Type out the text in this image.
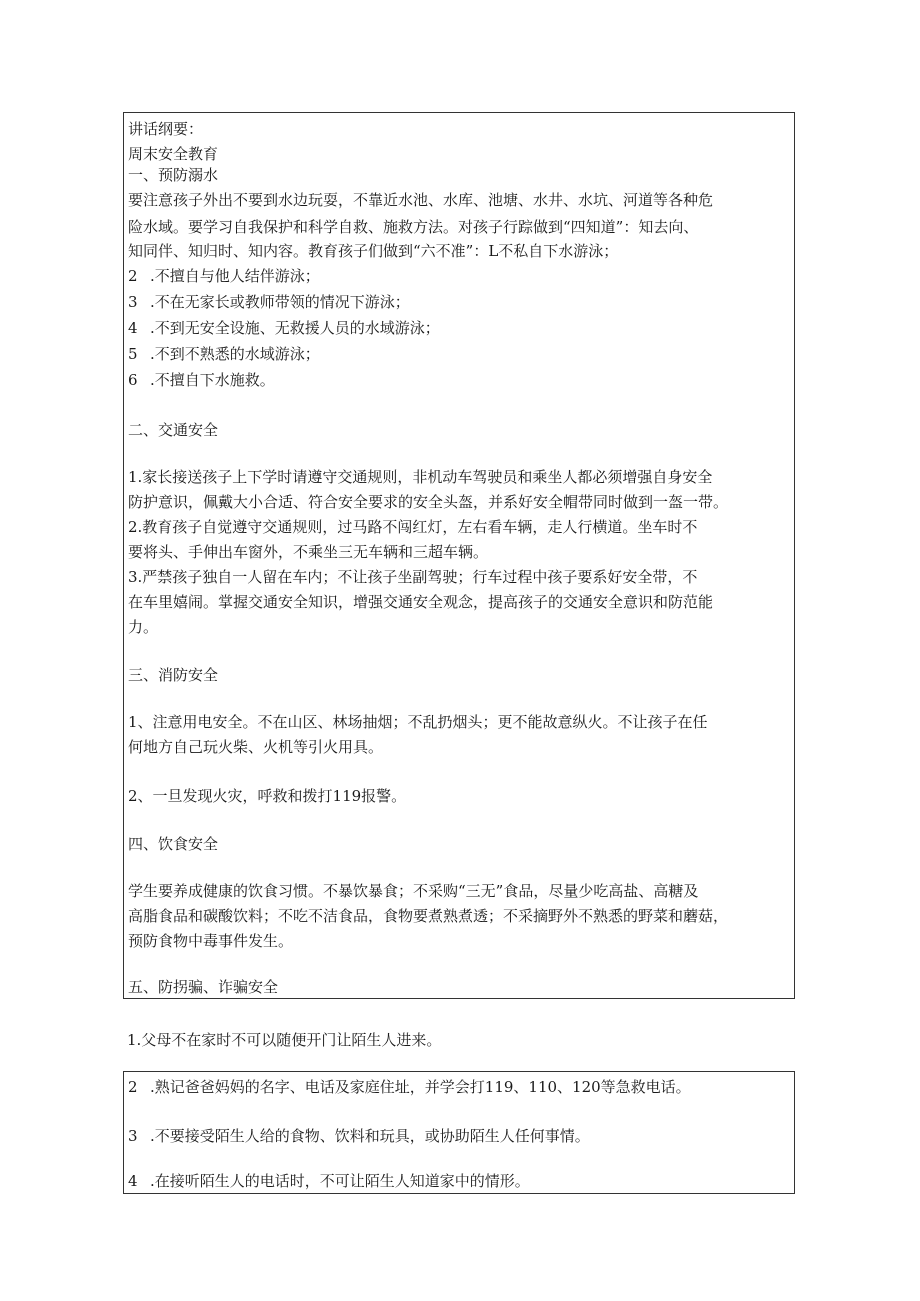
讲话纲要：
周末安全教育
一、预防溺水
要注意孩子外出不要到水边玩耍，不靠近水池、水库、池塘、水井、水坑、河道等各种危
险水域。要学习自我保护和科学自救、施救方法。对孩子行踪做到“四知道”：知去向、
知同伴、知归时、知内容。教育孩子们做到“六不准”：L不私自下水游泳；
2 .不擅自与他人结伴游泳；
3 .不在无家长或教师带领的情况下游泳；
4 .不到无安全设施、无救援人员的水域游泳；
5 .不到不熟悉的水域游泳；
6 .不擅自下水施救。
二、交通安全
1.家长接送孩子上下学时请遵守交通规则，非机动车驾驶员和乘坐人都必须增强自身安全
防护意识，佩戴大小合适、符合安全要求的安全头盔，并系好安全帽带同时做到一盔一带。
2.教育孩子自觉遵守交通规则，过马路不闯红灯，左右看车辆，走人行横道。坐车时不
要将头、手伸出车窗外，不乘坐三无车辆和三超车辆。
3.严禁孩子独自一人留在车内；不让孩子坐副驾驶；行车过程中孩子要系好安全带，不
在车里嬉闹。掌握交通安全知识，增强交通安全观念，提高孩子的交通安全意识和防范能
力。
三、消防安全
1、注意用电安全。不在山区、林场抽烟；不乱扔烟头；更不能故意纵火。不让孩子在任
何地方自己玩火柴、火机等引火用具。
2、一旦发现火灾，呼救和拨打119报警。
四、饮食安全
学生要养成健康的饮食习惯。不暴饮暴食；不采购“三无”食品，尽量少吃高盐、高糖及
高脂食品和碳酸饮料；不吃不洁食品，食物要煮熟煮透；不采摘野外不熟悉的野菜和蘑菇，
预防食物中毒事件发生。
五、防拐骗、诈骗安全
1.父母不在家时不可以随便开门让陌生人进来。
2 .熟记爸爸妈妈的名字、电话及家庭住址，并学会打119、110、120等急救电话。
3 .不要接受陌生人给的食物、饮料和玩具，或协助陌生人任何事情。
4 .在接听陌生人的电话时，不可让陌生人知道家中的情形。
